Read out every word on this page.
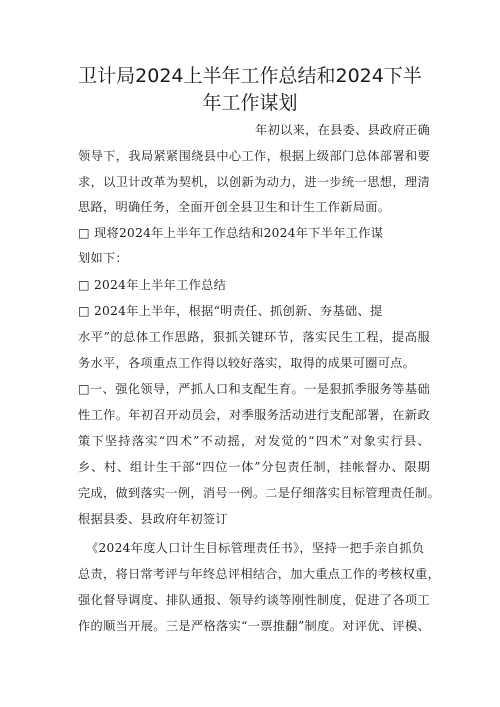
卫计局2024上半年工作总结和2024下半
年工作谋划
年初以来，在县委、县政府正确
领导下，我局紧紧围绕县中心工作，根据上级部门总体部署和要
求，以卫计改革为契机，以创新为动力，进一步统一思想，理清
思路，明确任务，全面开创全县卫生和计生工作新局面。
□ 现将2024年上半年工作总结和2024年下半年工作谋
划如下：
□ 2024年上半年工作总结
□ 2024年上半年，根据“明责任、抓创新、夯基础、提
水平”的总体工作思路，狠抓关键环节，落实民生工程，提高服
务水平，各项重点工作得以较好落实，取得的成果可圈可点。
□一、强化领导，严抓人口和支配生育。一是狠抓季服务等基础
性工作。年初召开动员会，对季服务活动进行支配部署，在新政
策下坚持落实“四术”不动摇，对发觉的“四术”对象实行县、
乡、村、组计生干部“四位一体”分包责任制，挂帐督办、限期
完成，做到落实一例，消号一例。二是仔细落实目标管理责任制。
根据县委、县政府年初签订
《2024年度人口计生目标管理责任书》，坚持一把手亲自抓负
总责，将日常考评与年终总评相结合，加大重点工作的考核权重，
强化督导调度、排队通报、领导约谈等刚性制度，促进了各项工
作的顺当开展。三是严格落实“一票推翻”制度。对评优、评模、
